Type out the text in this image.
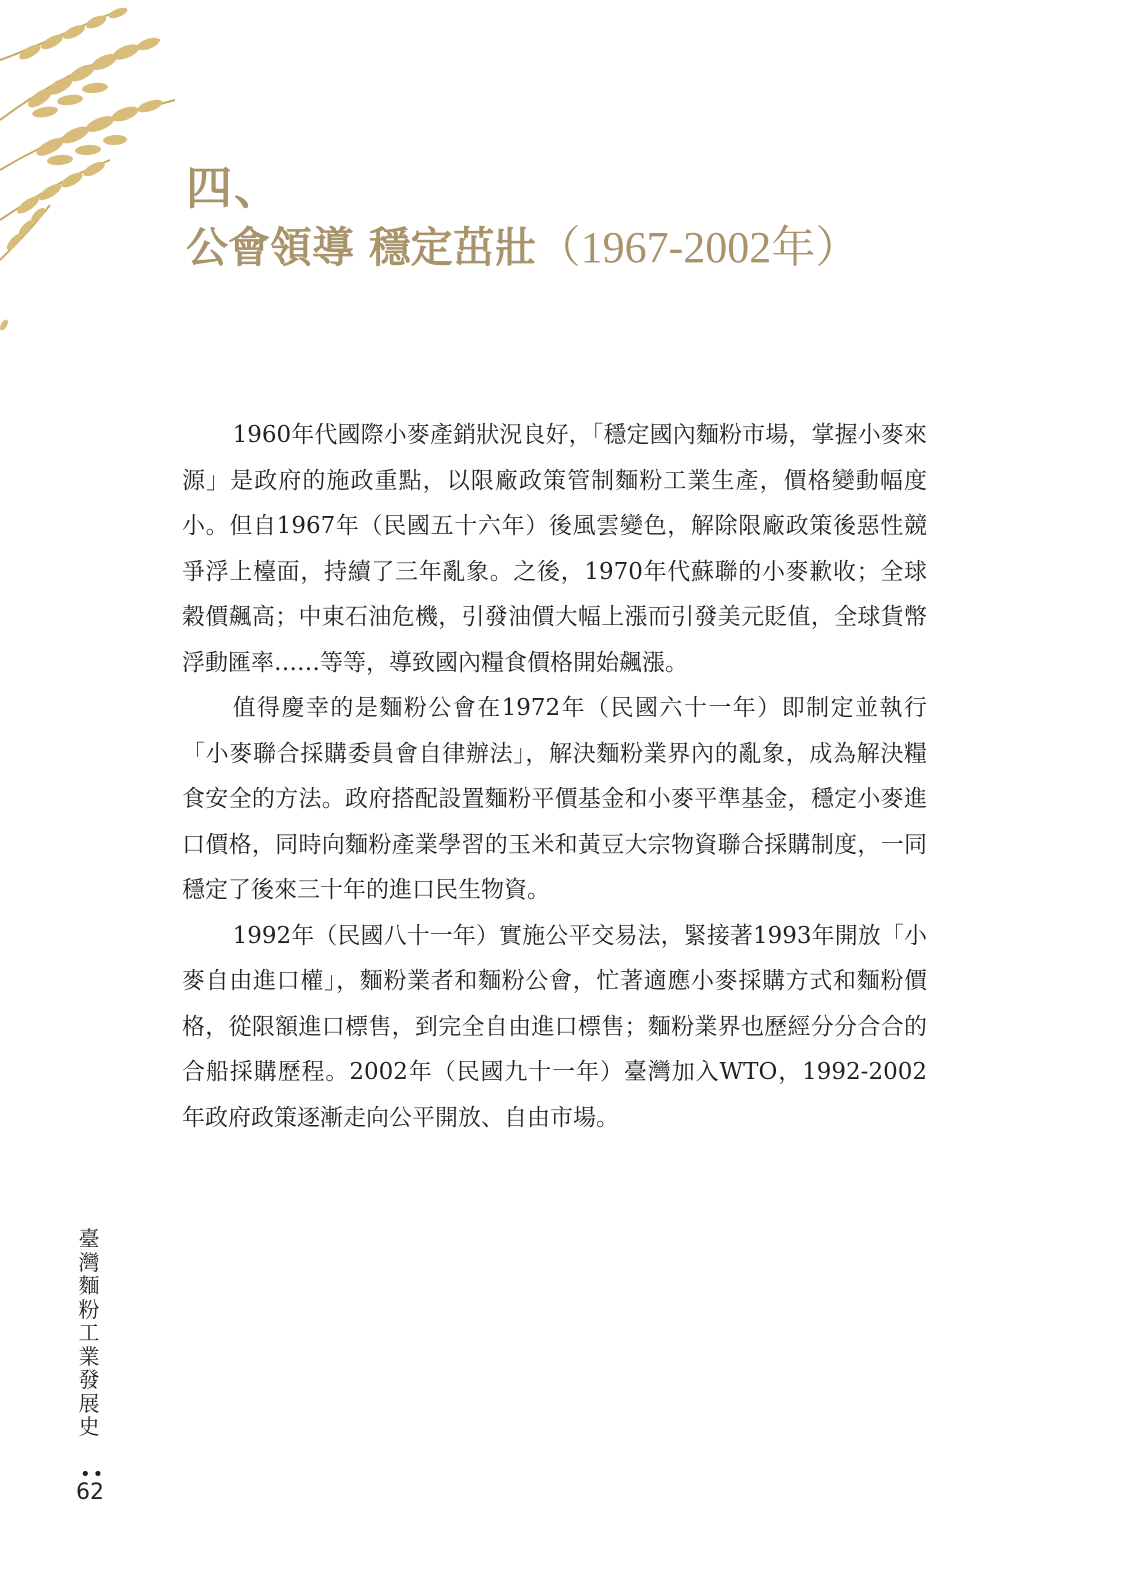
四、
公會領導 穩定茁壯（1967-2002年）

1960年代國際小麥產銷狀況良好，「穩定國內麵粉市場，掌握小麥來源」是政府的施政重點，以限廠政策管制麵粉工業生產，價格變動幅度小。但自1967年（民國五十六年）後風雲變色，解除限廠政策後惡性競爭浮上檯面，持續了三年亂象。之後，1970年代蘇聯的小麥歉收；全球穀價飆高；中東石油危機，引發油價大幅上漲而引發美元貶值，全球貨幣浮動匯率……等等，導致國內糧食價格開始飆漲。

值得慶幸的是麵粉公會在1972年（民國六十一年）即制定並執行「小麥聯合採購委員會自律辦法」，解決麵粉業界內的亂象，成為解決糧食安全的方法。政府搭配設置麵粉平價基金和小麥平準基金，穩定小麥進口價格，同時向麵粉產業學習的玉米和黃豆大宗物資聯合採購制度，一同穩定了後來三十年的進口民生物資。

1992年（民國八十一年）實施公平交易法，緊接著1993年開放「小麥自由進口權」，麵粉業者和麵粉公會，忙著適應小麥採購方式和麵粉價格，從限額進口標售，到完全自由進口標售；麵粉業界也歷經分分合合的合船採購歷程。2002年（民國九十一年）臺灣加入WTO，1992-2002年政府政策逐漸走向公平開放、自由市場。

臺灣麵粉工業發展史
••
62
